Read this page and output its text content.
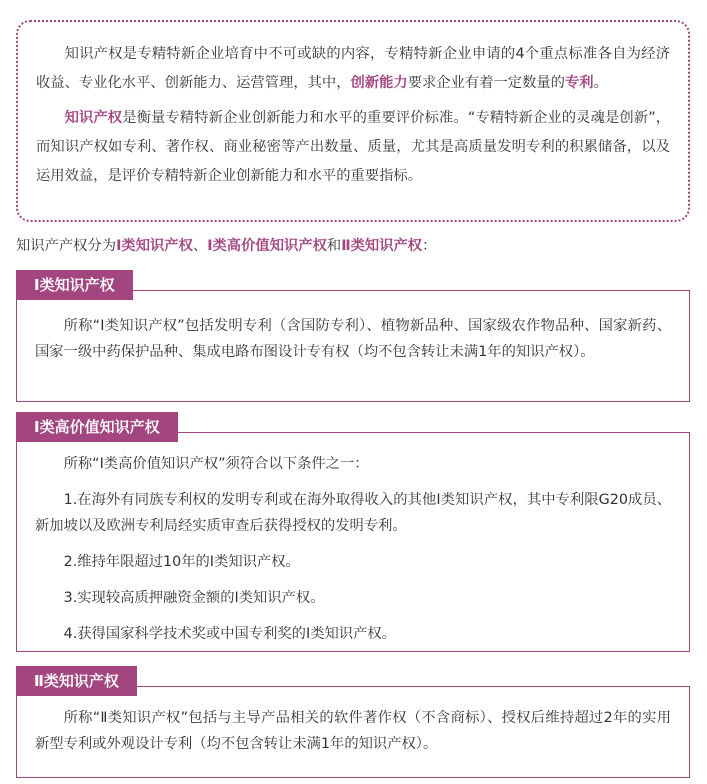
知识产权是专精特新企业培育中不可或缺的内容，专精特新企业申请的4个重点标准各自为经济收益、专业化水平、创新能力、运营管理，其中，创新能力要求企业有着一定数量的专利。

知识产权是衡量专精特新企业创新能力和水平的重要评价标准。“专精特新企业的灵魂是创新”，而知识产权如专利、著作权、商业秘密等产出数量、质量，尤其是高质量发明专利的积累储备，以及运用效益，是评价专精特新企业创新能力和水平的重要指标。

知识产产权分为Ⅰ类知识产权、Ⅰ类高价值知识产权和Ⅱ类知识产权：

所称“Ⅰ类知识产权”包括发明专利（含国防专利）、植物新品种、国家级农作物品种、国家新药、国家一级中药保护品种、集成电路布图设计专有权（均不包含转让未满1年的知识产权）。

Ⅰ类知识产权

所称“Ⅰ类高价值知识产权”须符合以下条件之一：

1.在海外有同族专利权的发明专利或在海外取得收入的其他Ⅰ类知识产权，其中专利限G20成员、新加坡以及欧洲专利局经实质审查后获得授权的发明专利。

2.维持年限超过10年的Ⅰ类知识产权。

3.实现较高质押融资金额的Ⅰ类知识产权。

4.获得国家科学技术奖或中国专利奖的Ⅰ类知识产权。

Ⅰ类高价值知识产权

所称“Ⅱ类知识产权”包括与主导产品相关的软件著作权（不含商标）、授权后维持超过2年的实用新型专利或外观设计专利（均不包含转让未满1年的知识产权）。

Ⅱ类知识产权
